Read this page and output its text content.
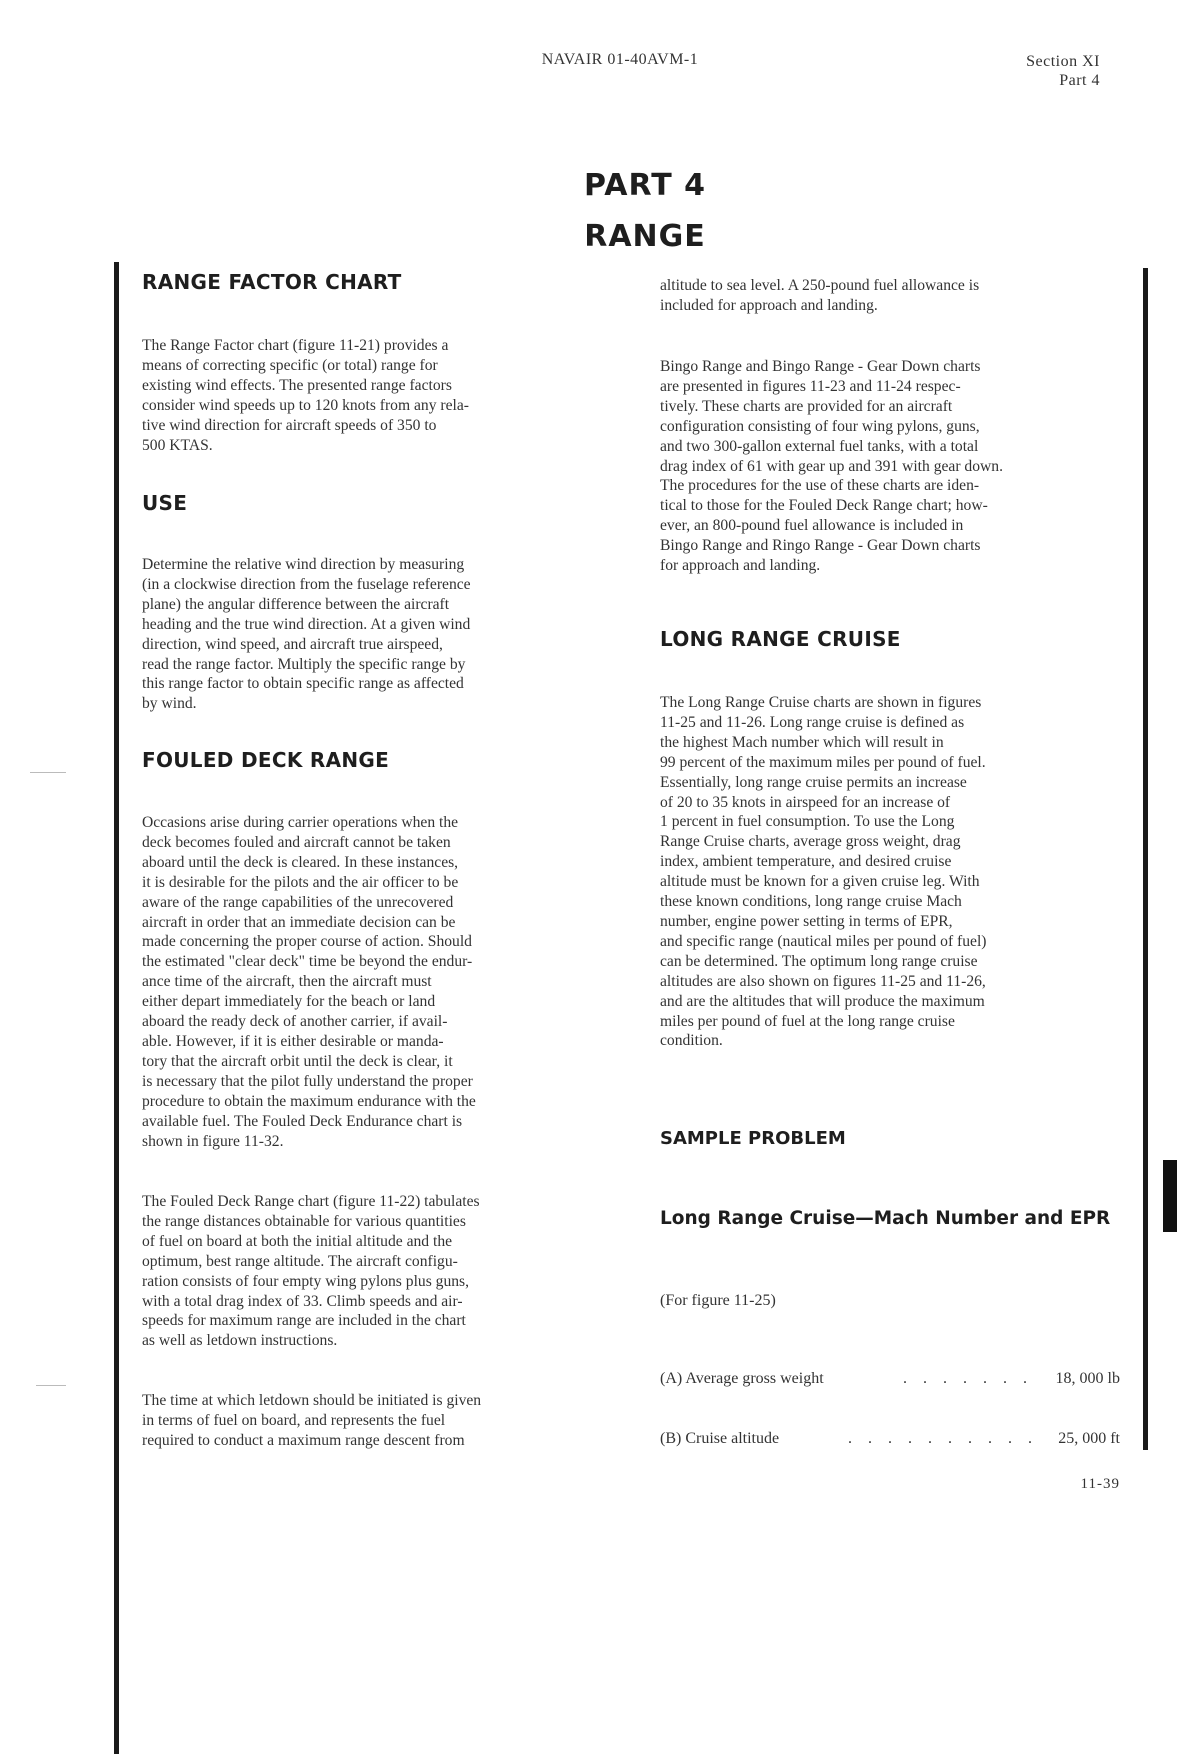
NAVAIR 01-40AVM-1	Section XI
Part 4
PART 4
RANGE
RANGE FACTOR CHART
The Range Factor chart (figure 11-21) provides a
means of correcting specific (or total) range for
existing wind effects. The presented range factors
consider wind speeds up to 120 knots from any rela-
tive wind direction for aircraft speeds of 350 to
500 KTAS.
USE
Determine the relative wind direction by measuring
(in a clockwise direction from the fuselage reference
plane) the angular difference between the aircraft
heading and the true wind direction. At a given wind
direction, wind speed, and aircraft true airspeed,
read the range factor. Multiply the specific range by
this range factor to obtain specific range as affected
by wind.
FOULED DECK RANGE
Occasions arise during carrier operations when the
deck becomes fouled and aircraft cannot be taken
aboard until the deck is cleared. In these instances,
it is desirable for the pilots and the air officer to be
aware of the range capabilities of the unrecovered
aircraft in order that an immediate decision can be
made concerning the proper course of action. Should
the estimated "clear deck" time be beyond the endur-
ance time of the aircraft, then the aircraft must
either depart immediately for the beach or land
aboard the ready deck of another carrier, if avail-
able. However, if it is either desirable or manda-
tory that the aircraft orbit until the deck is clear, it
is necessary that the pilot fully understand the proper
procedure to obtain the maximum endurance with the
available fuel. The Fouled Deck Endurance chart is
shown in figure 11-32.
The Fouled Deck Range chart (figure 11-22) tabulates
the range distances obtainable for various quantities
of fuel on board at both the initial altitude and the
optimum, best range altitude. The aircraft configu-
ration consists of four empty wing pylons plus guns,
with a total drag index of 33. Climb speeds and air-
speeds for maximum range are included in the chart
as well as letdown instructions.
The time at which letdown should be initiated is given
in terms of fuel on board, and represents the fuel
required to conduct a maximum range descent from
altitude to sea level. A 250-pound fuel allowance is
included for approach and landing.
Bingo Range and Bingo Range - Gear Down charts
are presented in figures 11-23 and 11-24 respec-
tively. These charts are provided for an aircraft
configuration consisting of four wing pylons, guns,
and two 300-gallon external fuel tanks, with a total
drag index of 61 with gear up and 391 with gear down.
The procedures for the use of these charts are iden-
tical to those for the Fouled Deck Range chart; how-
ever, an 800-pound fuel allowance is included in
Bingo Range and Ringo Range - Gear Down charts
for approach and landing.
LONG RANGE CRUISE
The Long Range Cruise charts are shown in figures
11-25 and 11-26. Long range cruise is defined as
the highest Mach number which will result in
99 percent of the maximum miles per pound of fuel.
Essentially, long range cruise permits an increase
of 20 to 35 knots in airspeed for an increase of
1 percent in fuel consumption. To use the Long
Range Cruise charts, average gross weight, drag
index, ambient temperature, and desired cruise
altitude must be known for a given cruise leg. With
these known conditions, long range cruise Mach
number, engine power setting in terms of EPR,
and specific range (nautical miles per pound of fuel)
can be determined. The optimum long range cruise
altitudes are also shown on figures 11-25 and 11-26,
and are the altitudes that will produce the maximum
miles per pound of fuel at the long range cruise
condition.
SAMPLE PROBLEM
Long Range Cruise—Mach Number and EPR
(For figure 11-25)
(A) Average gross weight	. . . . . . . 18, 000 lb
(B) Cruise altitude	. . . . . . . . . . 25, 000 ft
11-39
